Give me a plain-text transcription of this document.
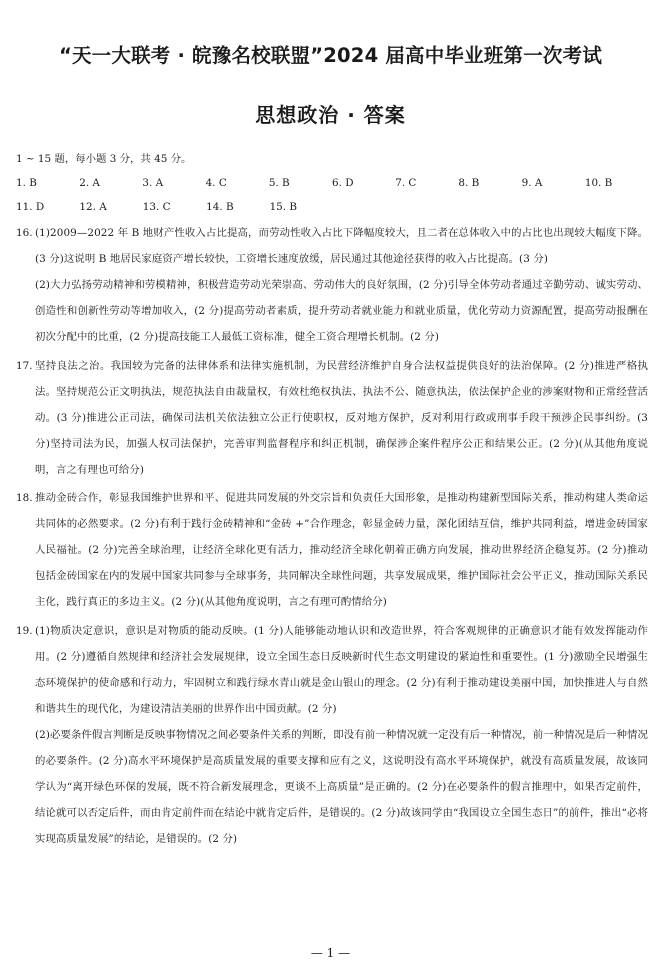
“天一大联考 · 皖豫名校联盟”2024 届高中毕业班第一次考试
思想政治 · 答案
1 ~ 15 题，每小题 3 分，共 45 分。
1. B	2. A	3. A	4. C	5. B	6. D	7. C	8. B	9. A	10. B
11. D	12. A	13. C	14. B	15. B
16. (1)2009—2022 年 B 地财产性收入占比提高，而劳动性收入占比下降幅度较大，且二者在总体收入中的占比也出现较大幅度下降。(3 分)这说明 B 地居民家庭资产增长较快，工资增长速度放缓，居民通过其他途径获得的收入占比提高。(3 分)
(2)大力弘扬劳动精神和劳模精神，积极营造劳动光荣崇高、劳动伟大的良好氛围，(2 分)引导全体劳动者通过辛勤劳动、诚实劳动、创造性和创新性劳动等增加收入，(2 分)提高劳动者素质，提升劳动者就业能力和就业质量，优化劳动力资源配置，提高劳动报酬在初次分配中的比重，(2 分)提高技能工人最低工资标准，健全工资合理增长机制。(2 分)
17. 坚持良法之治。我国较为完备的法律体系和法律实施机制，为民营经济维护自身合法权益提供良好的法治保障。(2 分)推进严格执法。坚持规范公正文明执法，规范执法自由裁量权，有效杜绝权执法、执法不公、随意执法，依法保护企业的涉案财物和正常经营活动。(3 分)推进公正司法，确保司法机关依法独立公正行使职权，反对地方保护，反对利用行政或刑事手段干预涉企民事纠纷。(3 分)坚持司法为民，加强人权司法保护，完善审判监督程序和纠正机制，确保涉企案件程序公正和结果公正。(2 分)(从其他角度说明，言之有理也可给分)
18. 推动金砖合作，彰显我国维护世界和平、促进共同发展的外交宗旨和负责任大国形象，是推动构建新型国际关系，推动构建人类命运共同体的必然要求。(2 分)有利于践行金砖精神和“金砖 +”合作理念，彰显金砖力量，深化团结互信，维护共同利益，增进金砖国家人民福祉。(2 分)完善全球治理，让经济全球化更有活力，推动经济全球化朝着正确方向发展，推动世界经济企稳复苏。(2 分)推动包括金砖国家在内的发展中国家共同参与全球事务，共同解决全球性问题，共享发展成果，维护国际社会公平正义，推动国际关系民主化，践行真正的多边主义。(2 分)(从其他角度说明，言之有理可酌情给分)
19. (1)物质决定意识，意识是对物质的能动反映。(1 分)人能够能动地认识和改造世界，符合客观规律的正确意识才能有效发挥能动作用。(2 分)遵循自然规律和经济社会发展规律，设立全国生态日反映新时代生态文明建设的紧迫性和重要性。(1 分)激励全民增强生态环境保护的使命感和行动力，牢固树立和践行绿水青山就是金山银山的理念。(2 分)有利于推动建设美丽中国，加快推进人与自然和谐共生的现代化，为建设清洁美丽的世界作出中国贡献。(2 分)
(2)必要条件假言判断是反映事物情况之间必要条件关系的判断，即没有前一种情况就一定没有后一种情况，前一种情况是后一种情况的必要条件。(2 分)高水平环境保护是高质量发展的重要支撑和应有之义，这说明没有高水平环境保护，就没有高质量发展，故该同学认为“离开绿色环保的发展，既不符合新发展理念，更谈不上高质量”是正确的。(2 分)在必要条件的假言推理中，如果否定前件，结论就可以否定后件，而由肯定前件而在结论中就肯定后件，是错误的。(2 分)故该同学由“我国设立全国生态日”的前件，推出“必将实现高质量发展”的结论，是错误的。(2 分)
— 1 —
